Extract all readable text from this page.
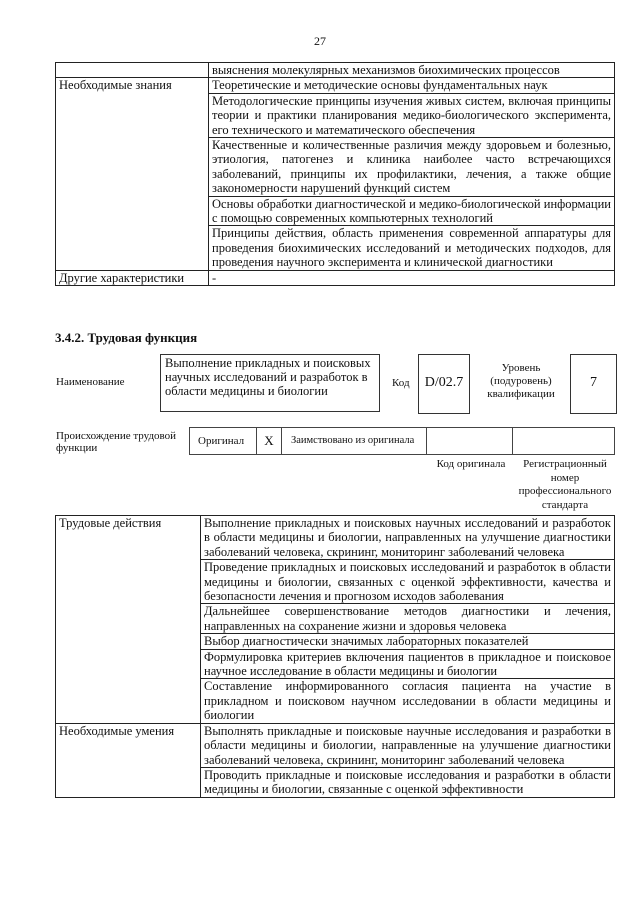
27
	выяснения молекулярных механизмов биохимических процессов
Необходимые знания	Теоретические и методические основы фундаментальных наук
	Методологические принципы изучения живых систем, включая принципы теории и практики планирования медико-биологического эксперимента, его технического и математического обеспечения
	Качественные и количественные различия между здоровьем и болезнью, этиология, патогенез и клиника наиболее часто встречающихся заболеваний, принципы их профилактики, лечения, а также общие закономерности нарушений функций систем
	Основы обработки диагностической и медико-биологической информации с помощью современных компьютерных технологий
	Принципы действия, область применения современной аппаратуры для проведения биохимических исследований и методических подходов, для проведения научного эксперимента и клинической диагностики
Другие характеристики	-
3.4.2. Трудовая функция
Наименование
Выполнение прикладных и поисковых научных исследований и разработок в области медицины и биологии
Код	D/02.7
Уровень (подуровень) квалификации
7
Происхождение трудовой функции
Оригинал	X	Заимствовано из оригинала
Код оригинала	Регистрационный номер профессионального стандарта
Трудовые действия	Выполнение прикладных и поисковых научных исследований и разработок в области медицины и биологии, направленных на улучшение диагностики заболеваний человека, скрининг, мониторинг заболеваний человека
	Проведение прикладных и поисковых исследований и разработок в области медицины и биологии, связанных с оценкой эффективности, качества и безопасности лечения и прогнозом исходов заболевания
	Дальнейшее совершенствование методов диагностики и лечения, направленных на сохранение жизни и здоровья человека
	Выбор диагностически значимых лабораторных показателей
	Формулировка критериев включения пациентов в прикладное и поисковое научное исследование в области медицины и биологии
	Составление информированного согласия пациента на участие в прикладном и поисковом научном исследовании в области медицины и биологии
Необходимые умения	Выполнять прикладные и поисковые научные исследования и разработки в области медицины и биологии, направленные на улучшение диагностики заболеваний человека, скрининг, мониторинг заболеваний человека
	Проводить прикладные и поисковые исследования и разработки в области медицины и биологии, связанные с оценкой эффективности
